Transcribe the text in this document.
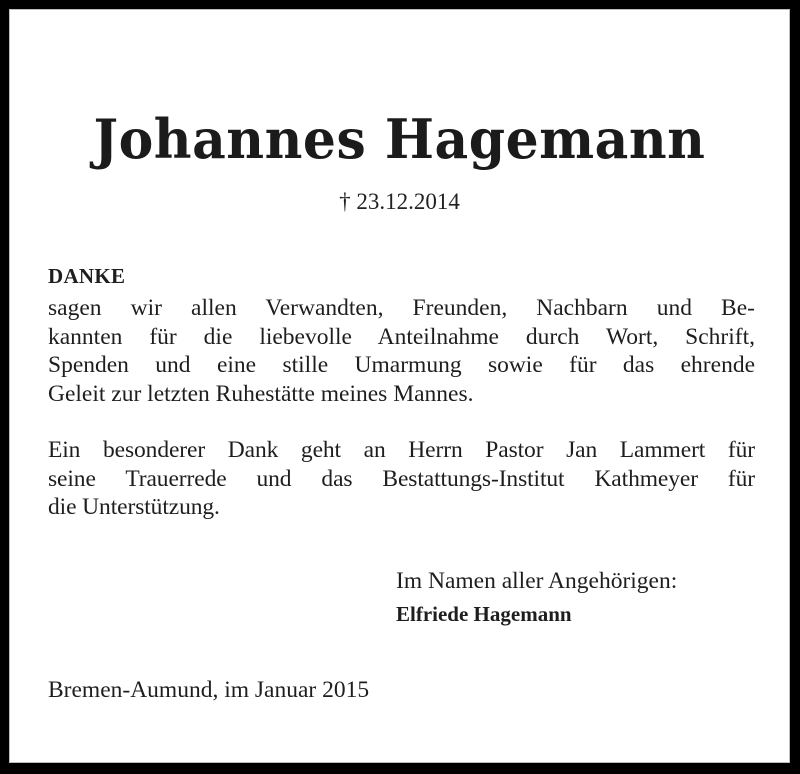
Johannes Hagemann
† 23.12.2014
DANKE
sagen wir allen Verwandten, Freunden, Nachbarn und Be-
kannten für die liebevolle Anteilnahme durch Wort, Schrift,
Spenden und eine stille Umarmung sowie für das ehrende
Geleit zur letzten Ruhestätte meines Mannes.
Ein besonderer Dank geht an Herrn Pastor Jan Lammert für
seine Trauerrede und das Bestattungs-Institut Kathmeyer für
die Unterstützung.
Im Namen aller Angehörigen:
Elfriede Hagemann
Bremen-Aumund, im Januar 2015
